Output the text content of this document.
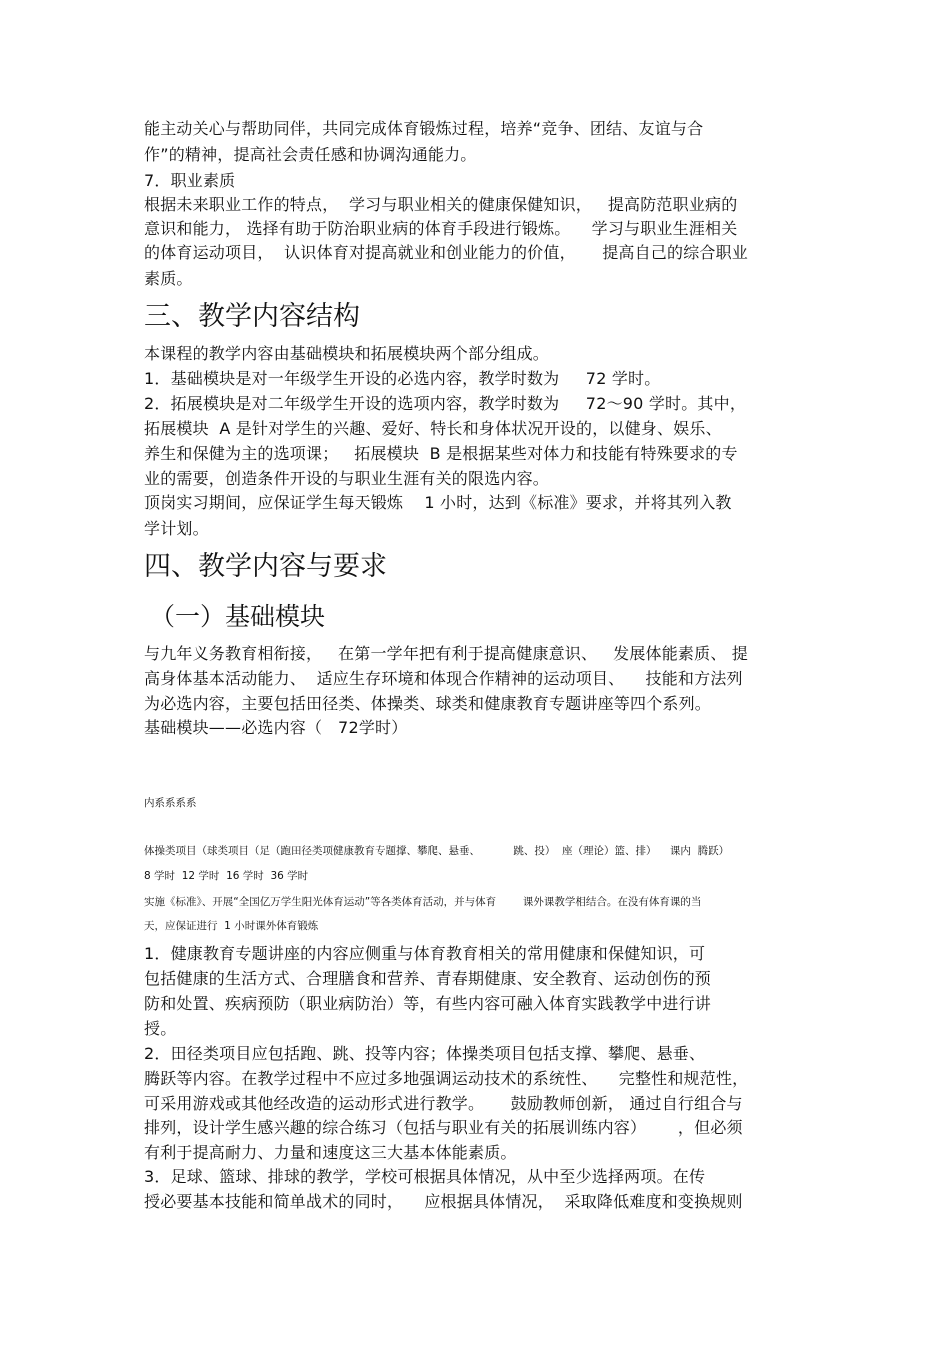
能主动关心与帮助同伴，共同完成体育锻炼过程，培养“竞争、团结、友谊与合
作”的精神，提高社会责任感和协调沟通能力。
7．职业素质
根据未来职业工作的特点，  学习与职业相关的健康保健知识，   提高防范职业病的
意识和能力， 选择有助于防治职业病的体育手段进行锻炼。    学习与职业生涯相关
的体育运动项目，  认识体育对提高就业和创业能力的价值，     提高自己的综合职业
素质。
三、教学内容结构
本课程的教学内容由基础模块和拓展模块两个部分组成。
1．基础模块是对一年级学生开设的必选内容，教学时数为     72 学时。
2．拓展模块是对二年级学生开设的选项内容，教学时数为     72～90 学时。其中，
拓展模块  A 是针对学生的兴趣、爱好、特长和身体状况开设的，以健身、娱乐、
养生和保健为主的选项课；   拓展模块  B 是根据某些对体力和技能有特殊要求的专
业的需要，创造条件开设的与职业生涯有关的限选内容。
顶岗实习期间，应保证学生每天锻炼    1 小时，达到《标准》要求，并将其列入教
学计划。
四、教学内容与要求
（一）基础模块
与九年义务教育相衔接，   在第一学年把有利于提高健康意识、   发展体能素质、 提
高身体基本活动能力、  适应生存环境和体现合作精神的运动项目、    技能和方法列
为必选内容，主要包括田径类、体操类、球类和健康教育专题讲座等四个系列。
基础模块——必选内容（   72学时）
内系系系系
体操类项目（球类项目（足（跑田径类项健康教育专题撑、攀爬、悬垂、          跳、投）  座（理论）篮、排）    课内  腾跃）
8 学时  12 学时  16 学时  36 学时
实施《标准》、开展“全国亿万学生阳光体育运动”等各类体育活动，并与体育        课外课教学相结合。在没有体育课的当
天，应保证进行  1 小时课外体育锻炼
1．健康教育专题讲座的内容应侧重与体育教育相关的常用健康和保健知识，可
包括健康的生活方式、合理膳食和营养、青春期健康、安全教育、运动创伤的预
防和处置、疾病预防（职业病防治）等，有些内容可融入体育实践教学中进行讲
授。
2．田径类项目应包括跑、跳、投等内容；体操类项目包括支撑、攀爬、悬垂、
腾跃等内容。在教学过程中不应过多地强调运动技术的系统性、    完整性和规范性，
可采用游戏或其他经改造的运动形式进行教学。     鼓励教师创新， 通过自行组合与
排列，设计学生感兴趣的综合练习（包括与职业有关的拓展训练内容）      ，但必须
有利于提高耐力、力量和速度这三大基本体能素质。
3．足球、篮球、排球的教学，学校可根据具体情况，从中至少选择两项。在传
授必要基本技能和简单战术的同时，    应根据具体情况，  采取降低难度和变换规则
